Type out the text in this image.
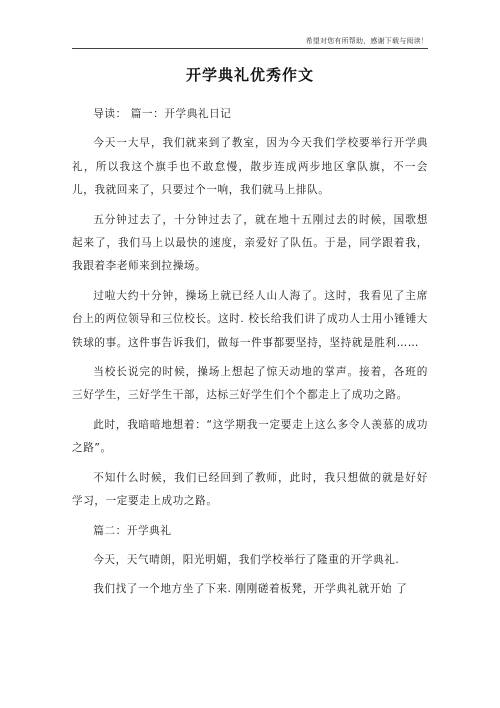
希望对您有所帮助，感谢下载与阅读！
开学典礼优秀作文

导读： 篇一：开学典礼日记

今天一大早，我们就来到了教室，因为今天我们学校要举行开学典礼，所以我这个旗手也不敢怠慢，散步连成两步地区拿队旗，不一会儿，我就回来了，只要过个一响，我们就马上排队。

五分钟过去了，十分钟过去了，就在地十五刚过去的时候，国歌想起来了，我们马上以最快的速度，亲爱好了队伍。于是，同学跟着我，我跟着李老师来到拉操场。

过啦大约十分钟，操场上就已经人山人海了。这时，我看见了主席台上的两位领导和三位校长。这时. 校长给我们讲了成功人士用小锤锤大铁球的事。这件事告诉我们，做每一件事都要坚持，坚持就是胜利……

当校长说完的时候，操场上想起了惊天动地的掌声。接着，各班的三好学生，三好学生干部，达标三好学生们个个都走上了成功之路。

此时，我暗暗地想着：“这学期我一定要走上这么多令人羡慕的成功之路”。

不知什么时候，我们已经回到了教师，此时，我只想做的就是好好学习，一定要走上成功之路。

篇二：开学典礼

今天，天气晴朗，阳光明媚，我们学校举行了隆重的开学典礼.

我们找了一个地方坐了下来. 刚刚磋着板凳，开学典礼就开始 了
